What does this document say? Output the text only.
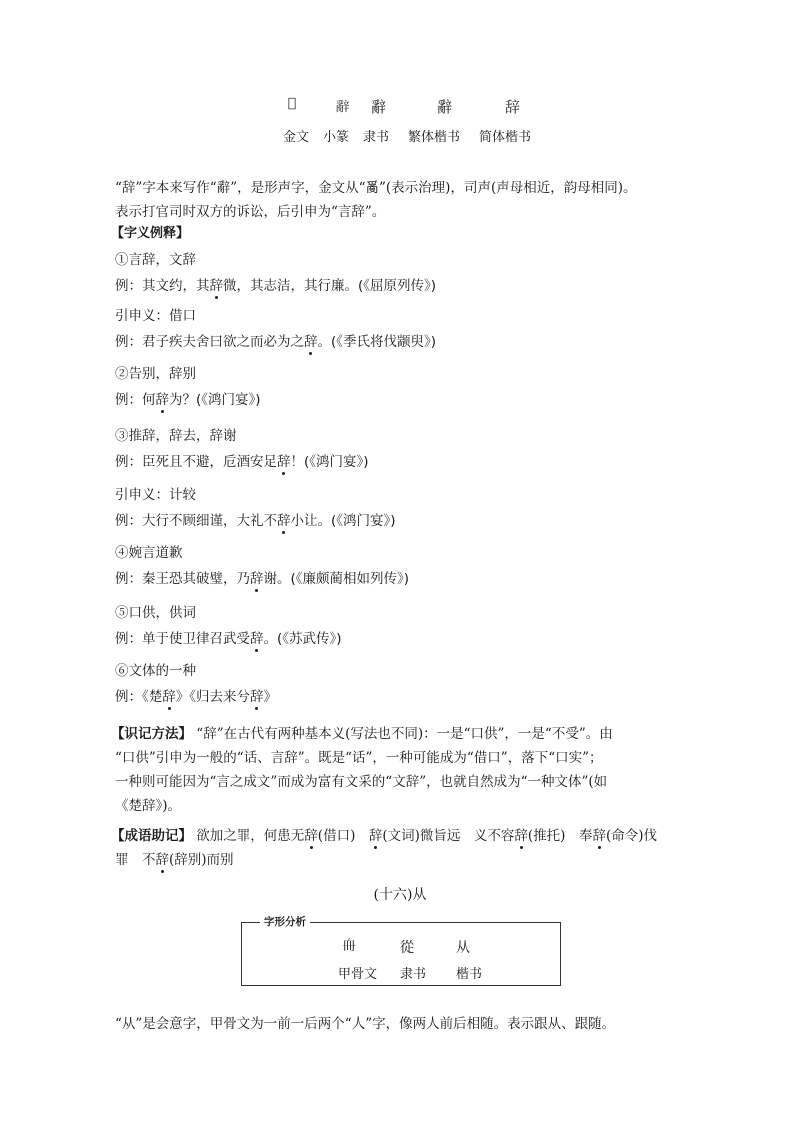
𨐋	辭 辭	辭	辞
金文 小篆 隶书 繁体楷书 简体楷书

“辞”字本来写作“辭”，是形声字，金文从“𤔔”(表示治理)，司声(声母相近，韵母相同)。

表示打官司时双方的诉讼，后引申为“言辞”。

【字义例释】
①言辞，文辞
例：其文约，其辞微，其志洁，其行廉。(《屈原列传》)
引申义：借口
例：君子疾夫舍曰欲之而必为之辞。(《季氏将伐颛臾》)
②告别，辞别
例：何辞为？(《鸿门宴》)
③推辞，辞去，辞谢
例：臣死且不避，卮酒安足辞！(《鸿门宴》)
引申义：计较
例：大行不顾细谨，大礼不辞小让。(《鸿门宴》)
④婉言道歉
例：秦王恐其破璧，乃辞谢。(《廉颇蔺相如列传》)
⑤口供，供词
例：单于使卫律召武受辞。(《苏武传》)
⑥文体的一种
例：《楚辞》《归去来兮辞》

【识记方法】 “辞”在古代有两种基本义(写法也不同)：一是“口供”，一是“不受”。由

“口供”引申为一般的“话、言辞”。既是“话”，一种可能成为“借口”，落下“口实”；

一种则可能因为“言之成文”而成为富有文采的“文辞”，也就自然成为“一种文体”(如

《楚辞》)。

【成语助记】 欲加之罪，何患无辞(借口)　辞(文词)微旨远　义不容辞(推托)　奉辞(命令)伐

罪　不辞(辞别)而别

(十六)从
字形分析
𠂨	從	从
甲骨文 隶书 楷书
“从”是会意字，甲骨文为一前一后两个“人”字，像两人前后相随。表示跟从、跟随。
